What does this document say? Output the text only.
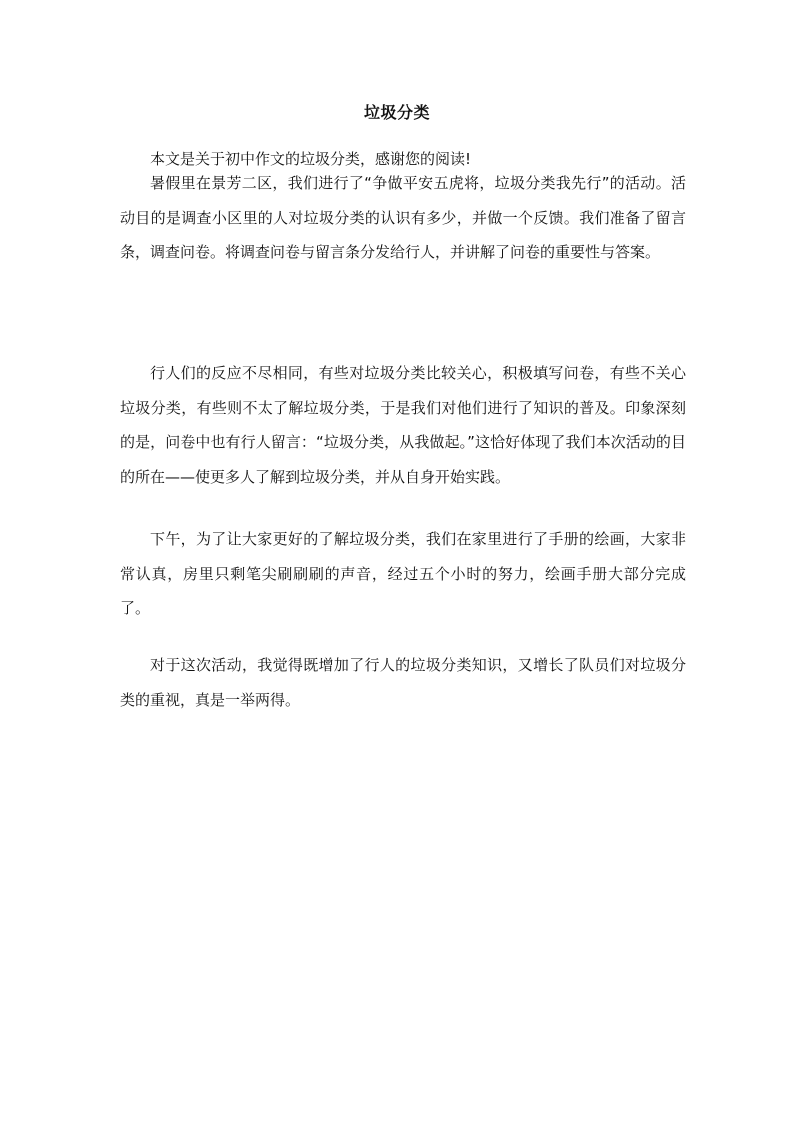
垃圾分类

本文是关于初中作文的垃圾分类，感谢您的阅读!

暑假里在景芳二区，我们进行了“争做平安五虎将，垃圾分类我先行”的活动。活动目的是调查小区里的人对垃圾分类的认识有多少，并做一个反馈。我们准备了留言条，调查问卷。将调查问卷与留言条分发给行人，并讲解了问卷的重要性与答案。

行人们的反应不尽相同，有些对垃圾分类比较关心，积极填写问卷，有些不关心垃圾分类，有些则不太了解垃圾分类，于是我们对他们进行了知识的普及。印象深刻的是，问卷中也有行人留言：“垃圾分类，从我做起。”这恰好体现了我们本次活动的目的所在——使更多人了解到垃圾分类，并从自身开始实践。

下午，为了让大家更好的了解垃圾分类，我们在家里进行了手册的绘画，大家非常认真，房里只剩笔尖刷刷刷的声音，经过五个小时的努力，绘画手册大部分完成了。

对于这次活动，我觉得既增加了行人的垃圾分类知识，又增长了队员们对垃圾分类的重视，真是一举两得。
